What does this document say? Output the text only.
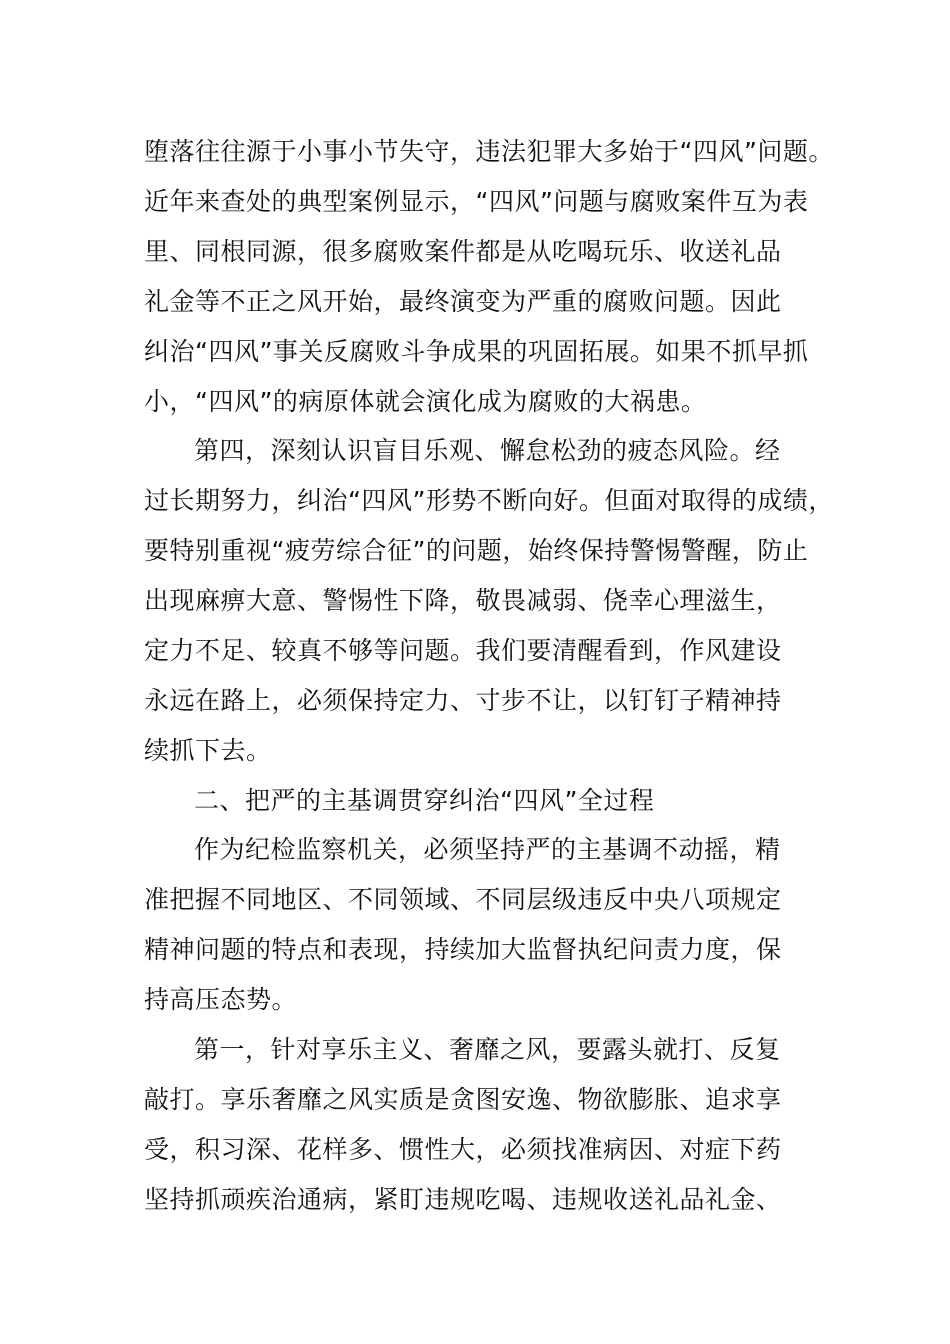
堕落往往源于小事小节失守，违法犯罪大多始于“四风”问题。
近年来查处的典型案例显示，“四风”问题与腐败案件互为表
里、同根同源，很多腐败案件都是从吃喝玩乐、收送礼品
礼金等不正之风开始，最终演变为严重的腐败问题。因此
纠治“四风”事关反腐败斗争成果的巩固拓展。如果不抓早抓
小，“四风”的病原体就会演化成为腐败的大祸患。
第四，深刻认识盲目乐观、懈怠松劲的疲态风险。经
过长期努力，纠治“四风”形势不断向好。但面对取得的成绩，
要特别重视“疲劳综合征”的问题，始终保持警惕警醒，防止
出现麻痹大意、警惕性下降，敬畏减弱、侥幸心理滋生，
定力不足、较真不够等问题。我们要清醒看到，作风建设
永远在路上，必须保持定力、寸步不让，以钉钉子精神持
续抓下去。
二、把严的主基调贯穿纠治“四风”全过程
作为纪检监察机关，必须坚持严的主基调不动摇，精
准把握不同地区、不同领域、不同层级违反中央八项规定
精神问题的特点和表现，持续加大监督执纪问责力度，保
持高压态势。
第一，针对享乐主义、奢靡之风，要露头就打、反复
敲打。享乐奢靡之风实质是贪图安逸、物欲膨胀、追求享
受，积习深、花样多、惯性大，必须找准病因、对症下药
坚持抓顽疾治通病，紧盯违规吃喝、违规收送礼品礼金、
